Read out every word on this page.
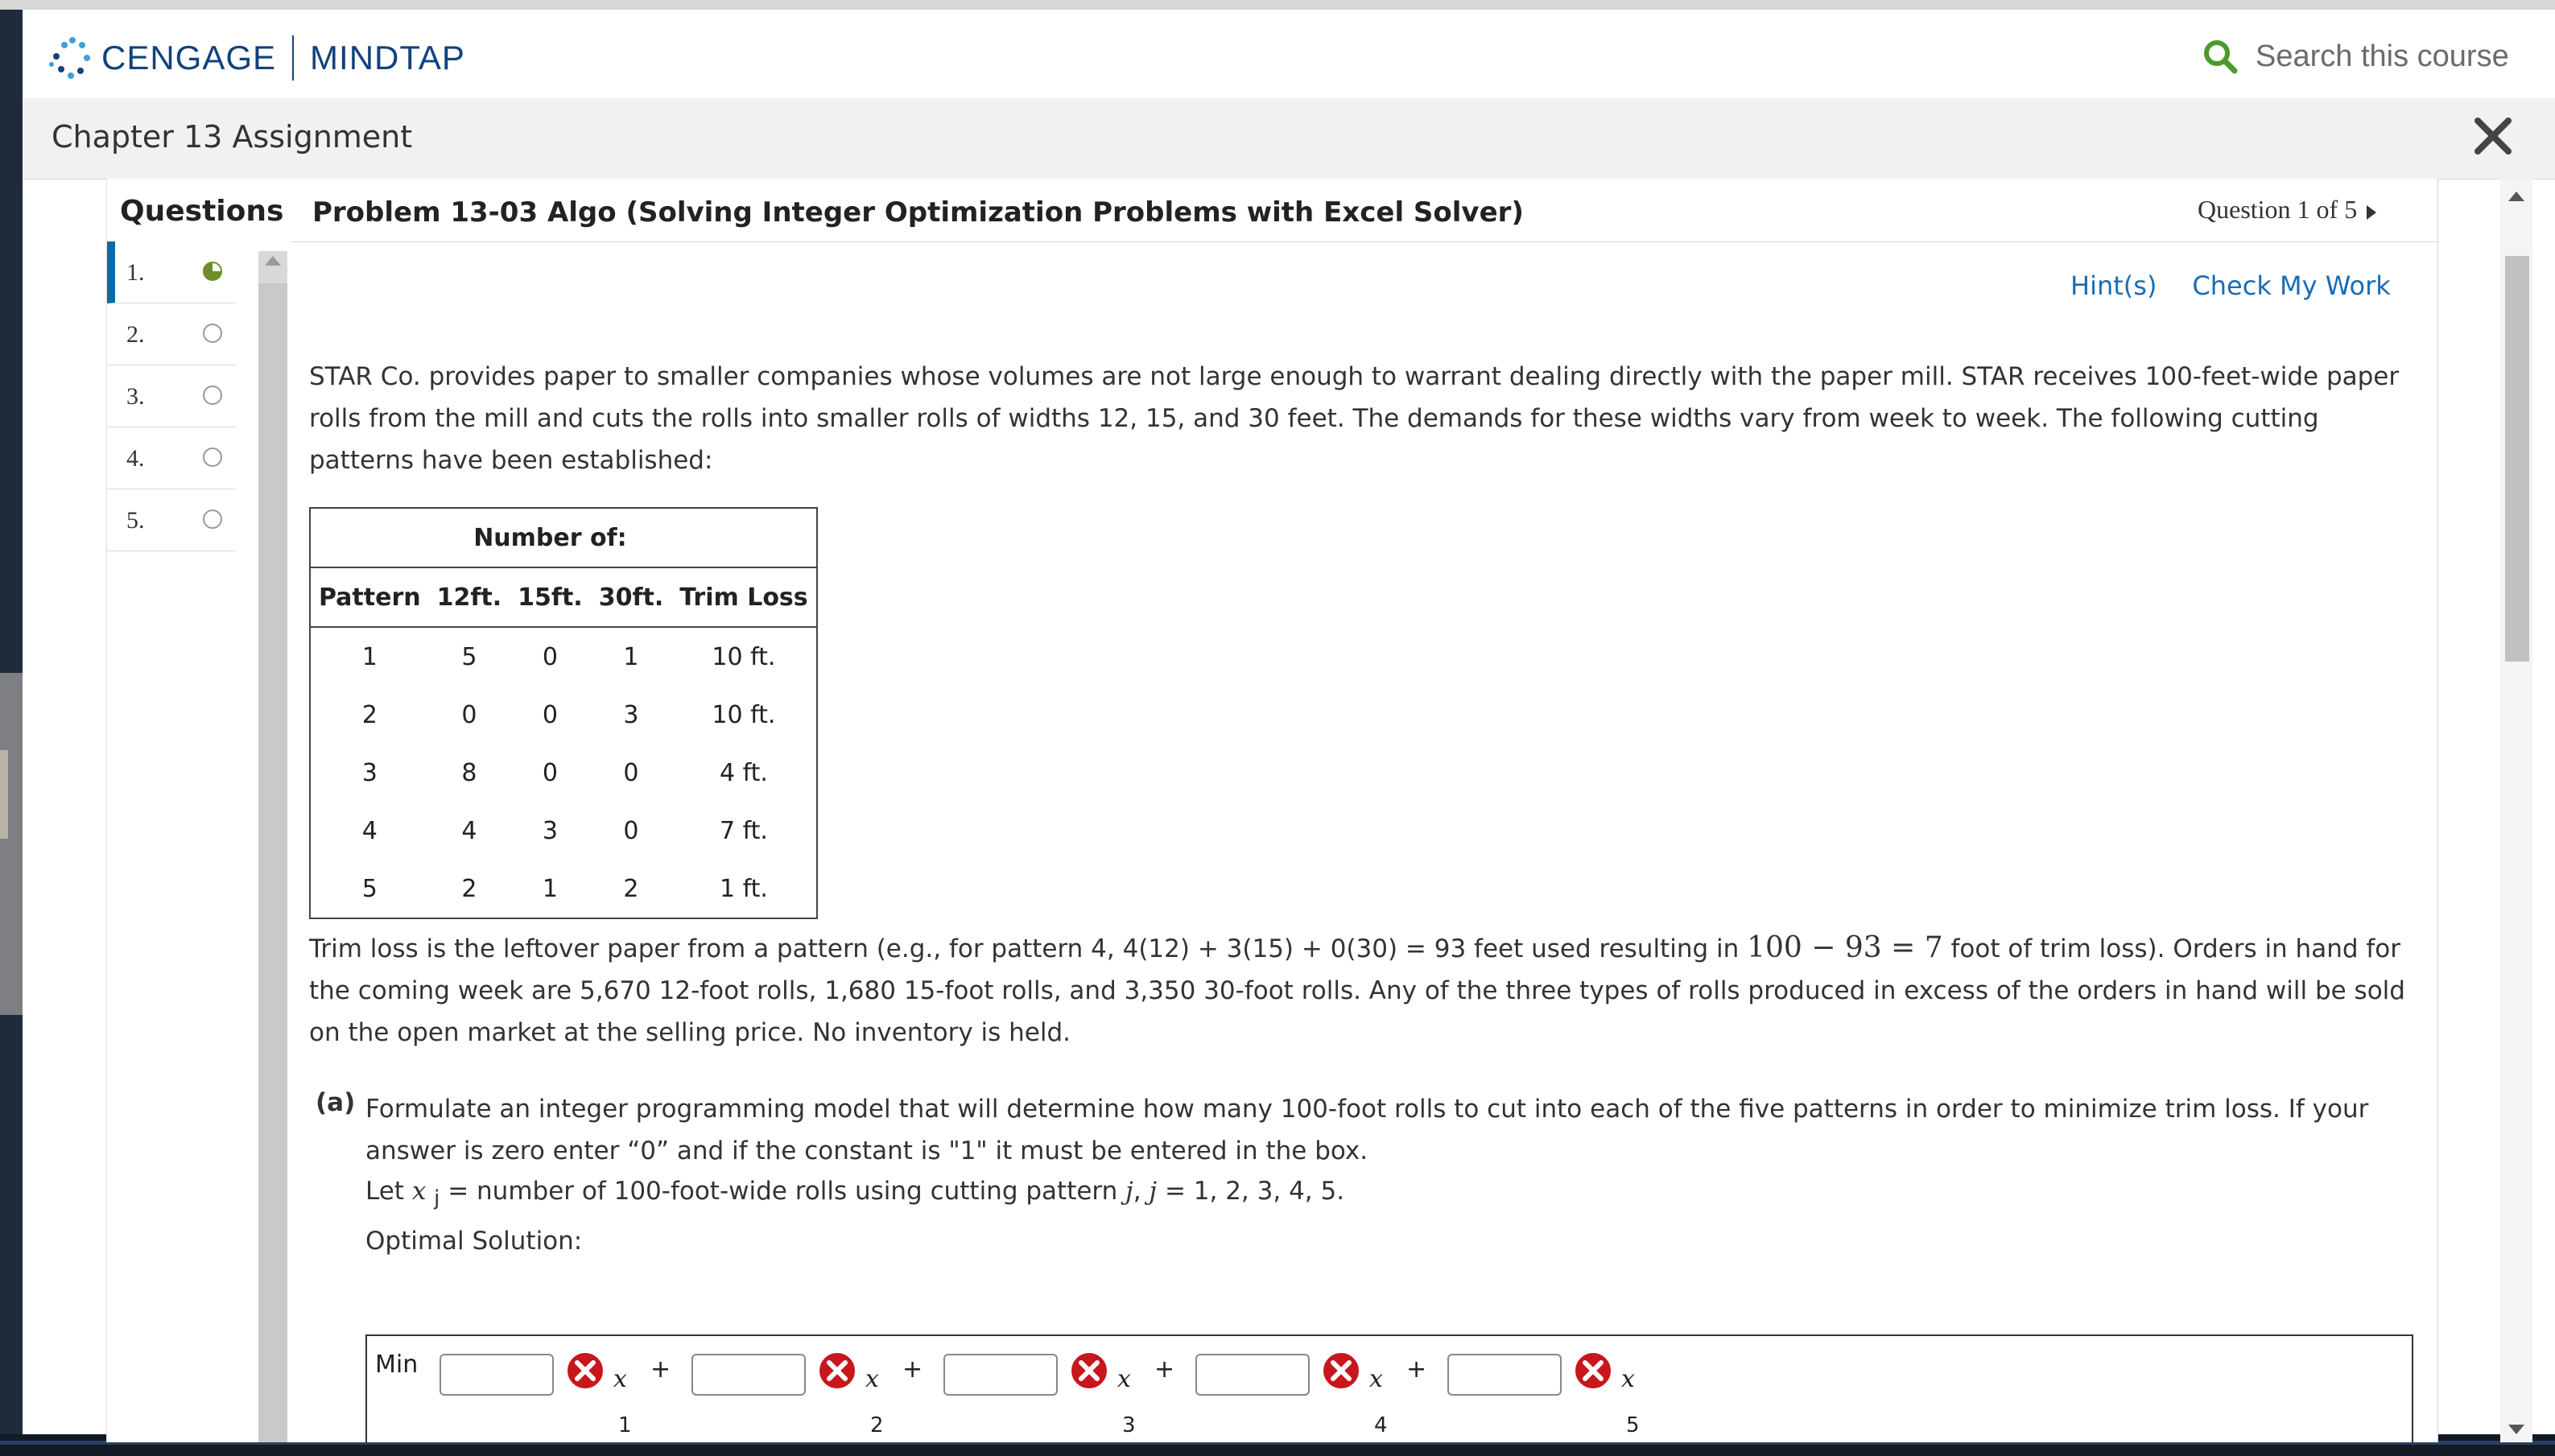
CENGAGE MINDTAP	Search this course
Chapter 13 Assignment
Questions
1.
2.
3.
4.
5.
Problem 13-03 Algo (Solving Integer Optimization Problems with Excel Solver)	Question 1 of 5
Hint(s) Check My Work
STAR Co. provides paper to smaller companies whose volumes are not large enough to warrant dealing directly with the paper mill. STAR receives 100-feet-wide paper rolls from the mill and cuts the rolls into smaller rolls of widths 12, 15, and 30 feet. The demands for these widths vary from week to week. The following cutting patterns have been established:
	Number of:			
Pattern	12ft.	15ft.	30ft.	Trim Loss
1	5	0	1	10 ft.
2	0	0	3	10 ft.
3	8	0	0	4 ft.
4	4	3	0	7 ft.
5	2	1	2	1 ft.
Trim loss is the leftover paper from a pattern (e.g., for pattern 4, 4(12) + 3(15) + 0(30) = 93 feet used resulting in 100 − 93 = 7 foot of trim loss). Orders in hand for the coming week are 5,670 12-foot rolls, 1,680 15-foot rolls, and 3,350 30-foot rolls. Any of the three types of rolls produced in excess of the orders in hand will be sold on the open market at the selling price. No inventory is held.
(a) Formulate an integer programming model that will determine how many 100-foot rolls to cut into each of the five patterns in order to minimize trim loss. If your answer is zero enter “0” and if the constant is "1" it must be entered in the box.
Let x $_j$ = number of 100-foot-wide rolls using cutting pattern j, j = 1, 2, 3, 4, 5.
Optimal Solution:
Min
x
1
+	x
2
+	x
3
+	x
4
+	x
5
